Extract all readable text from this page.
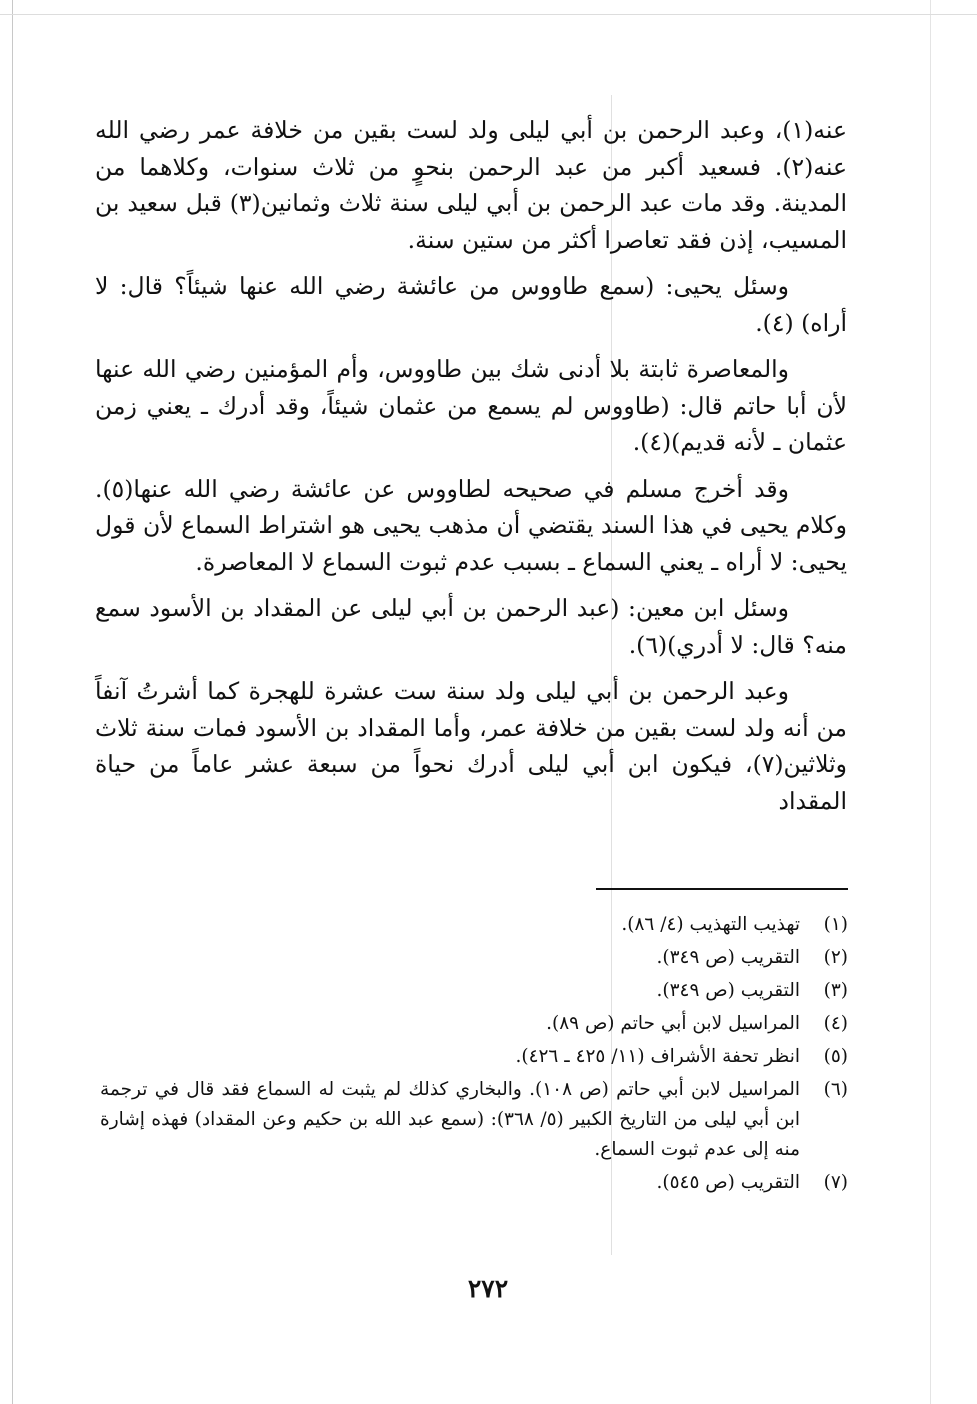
عنه(١)، وعبد الرحمن بن أبي ليلى ولد لست بقين من خلافة عمر رضي الله عنه(٢). فسعيد أكبر من عبد الرحمن بنحوٍ من ثلاث سنوات، وكلاهما من المدينة. وقد مات عبد الرحمن بن أبي ليلى سنة ثلاث وثمانين(٣) قبل سعيد بن المسيب، إذن فقد تعاصرا أكثر من ستين سنة.

وسئل يحيى: (سمع طاووس من عائشة رضي الله عنها شيئاً؟ قال: لا أراه) (٤).

والمعاصرة ثابتة بلا أدنى شك بين طاووس، وأم المؤمنين رضي الله عنها لأن أبا حاتم قال: (طاووس لم يسمع من عثمان شيئاً، وقد أدرك ـ يعني زمن عثمان ـ لأنه قديم)(٤).

وقد أخرج مسلم في صحيحه لطاووس عن عائشة رضي الله عنها(٥). وكلام يحيى في هذا السند يقتضي أن مذهب يحيى هو اشتراط السماع لأن قول يحيى: لا أراه ـ يعني السماع ـ بسبب عدم ثبوت السماع لا المعاصرة.

وسئل ابن معين: (عبد الرحمن بن أبي ليلى عن المقداد بن الأسود سمع منه؟ قال: لا أدري)(٦).

وعبد الرحمن بن أبي ليلى ولد سنة ست عشرة للهجرة كما أشرتُ آنفاً من أنه ولد لست بقين من خلافة عمر، وأما المقداد بن الأسود فمات سنة ثلاث وثلاثين(٧)، فيكون ابن أبي ليلى أدرك نحواً من سبعة عشر عاماً من حياة المقداد

(١)
تهذيب التهذيب (٤/ ٨٦).
(٢)
التقريب (ص ٣٤٩).
(٣)
التقريب (ص ٣٤٩).
(٤)
المراسيل لابن أبي حاتم (ص ٨٩).
(٥)
انظر تحفة الأشراف (١١/ ٤٢٥ ـ ٤٢٦).
(٦)
المراسيل لابن أبي حاتم (ص ١٠٨). والبخاري كذلك لم يثبت له السماع فقد قال في ترجمة ابن أبي ليلى من التاريخ الكبير (٥/ ٣٦٨): (سمع عبد الله بن حكيم وعن المقداد) فهذه إشارة منه إلى عدم ثبوت السماع.
(٧)
التقريب (ص ٥٤٥).
٢٧٢
